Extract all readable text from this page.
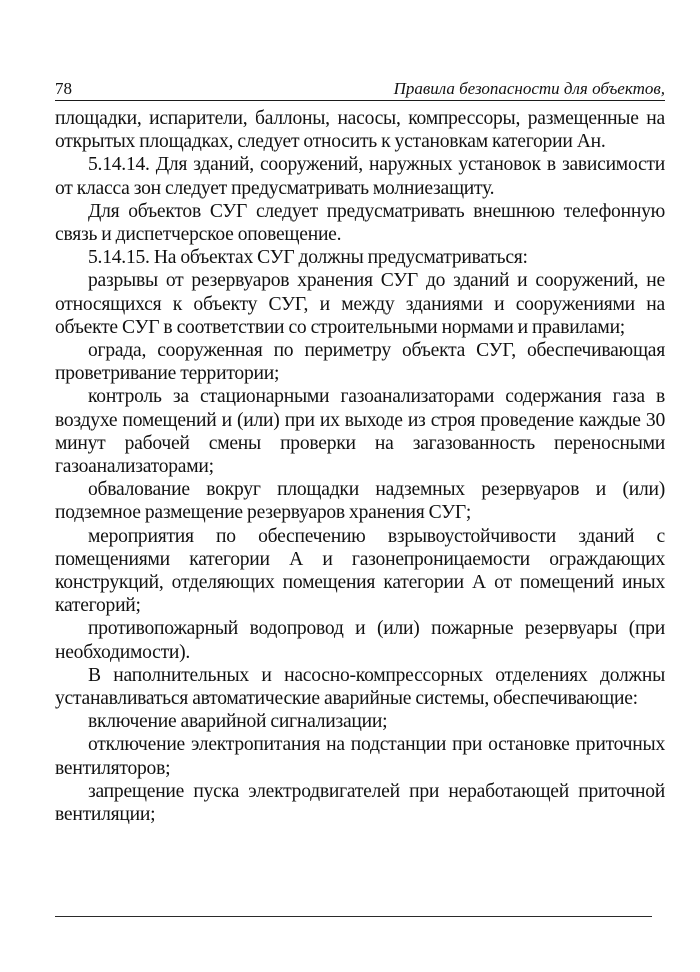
78	Правила безопасности для объектов,

площадки, испарители, баллоны, насосы, компрессоры, размещенные на открытых площадках, следует относить к установкам категории Ан.

5.14.14. Для зданий, сооружений, наружных установок в зависимости от класса зон следует предусматривать молниезащиту.

Для объектов СУГ следует предусматривать внешнюю телефонную связь и диспетчерское оповещение.

5.14.15. На объектах СУГ должны предусматриваться:

разрывы от резервуаров хранения СУГ до зданий и сооружений, не относящихся к объекту СУГ, и между зданиями и сооружениями на объекте СУГ в соответствии со строительными нормами и правилами;

ограда, сооруженная по периметру объекта СУГ, обеспечивающая проветривание территории;

контроль за стационарными газоанализаторами содержания газа в воздухе помещений и (или) при их выходе из строя проведение каждые 30 минут рабочей смены проверки на загазованность переносными газоанализаторами;

обвалование вокруг площадки надземных резервуаров и (или) подземное размещение резервуаров хранения СУГ;

мероприятия по обеспечению взрывоустойчивости зданий с помещениями категории А и газонепроницаемости ограждающих конструкций, отделяющих помещения категории А от помещений иных категорий;

противопожарный водопровод и (или) пожарные резервуары (при необходимости).

В наполнительных и насосно-компрессорных отделениях должны устанавливаться автоматические аварийные системы, обеспечивающие:

включение аварийной сигнализации;

отключение электропитания на подстанции при остановке приточных вентиляторов;

запрещение пуска электродвигателей при неработающей приточной вентиляции;
